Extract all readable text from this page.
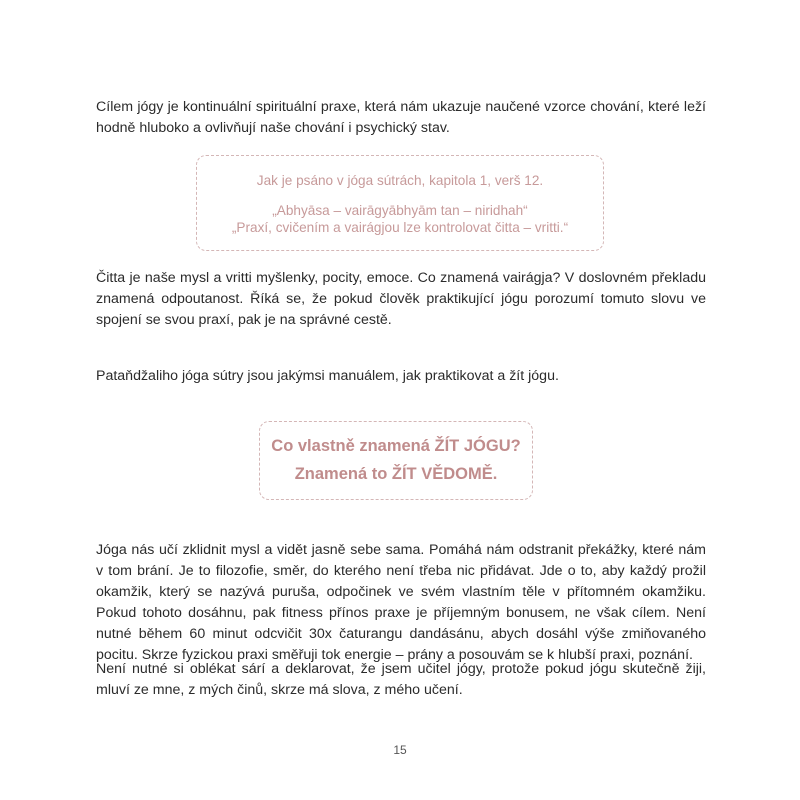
Cílem jógy je kontinuální spirituální praxe, která nám ukazuje naučené vzorce chování, které leží hodně hluboko a ovlivňují naše chování i psychický stav.

Jak je psáno v jóga sútrách, kapitola 1, verš 12.
„Abhyāsa – vairāgyābhyām tan – niridhah“
„Praxí, cvičením a vairágjou lze kontrolovat čitta – vritti.“

Čitta je naše mysl a vritti myšlenky, pocity, emoce. Co znamená vairágja? V doslovném překladu znamená odpoutanost. Říká se, že pokud člověk praktikující jógu porozumí tomuto slovu ve spojení se svou praxí, pak je na správné cestě.

Pataňdžaliho jóga sútry jsou jakýmsi manuálem, jak praktikovat a žít jógu.

Co vlastně znamená ŽÍT JÓGU?
Znamená to ŽÍT VĚDOMĚ.

Jóga nás učí zklidnit mysl a vidět jasně sebe sama. Pomáhá nám odstranit překážky, které nám v tom brání. Je to filozofie, směr, do kterého není třeba nic přidávat. Jde o to, aby každý prožil okamžik, který se nazývá puruša, odpočinek ve svém vlastním těle v přítomném okamžiku. Pokud tohoto dosáhnu, pak fitness přínos praxe je příjemným bonusem, ne však cílem. Není nutné během 60 minut odcvičit 30x čaturangu dandásánu, abych dosáhl výše zmiňovaného pocitu. Skrze fyzickou praxi směřuji tok energie – prány a posouvám se k hlubší praxi, poznání.

Není nutné si oblékat sárí a deklarovat, že jsem učitel jógy, protože pokud jógu skutečně žiji, mluví ze mne, z mých činů, skrze má slova, z mého učení.

15
